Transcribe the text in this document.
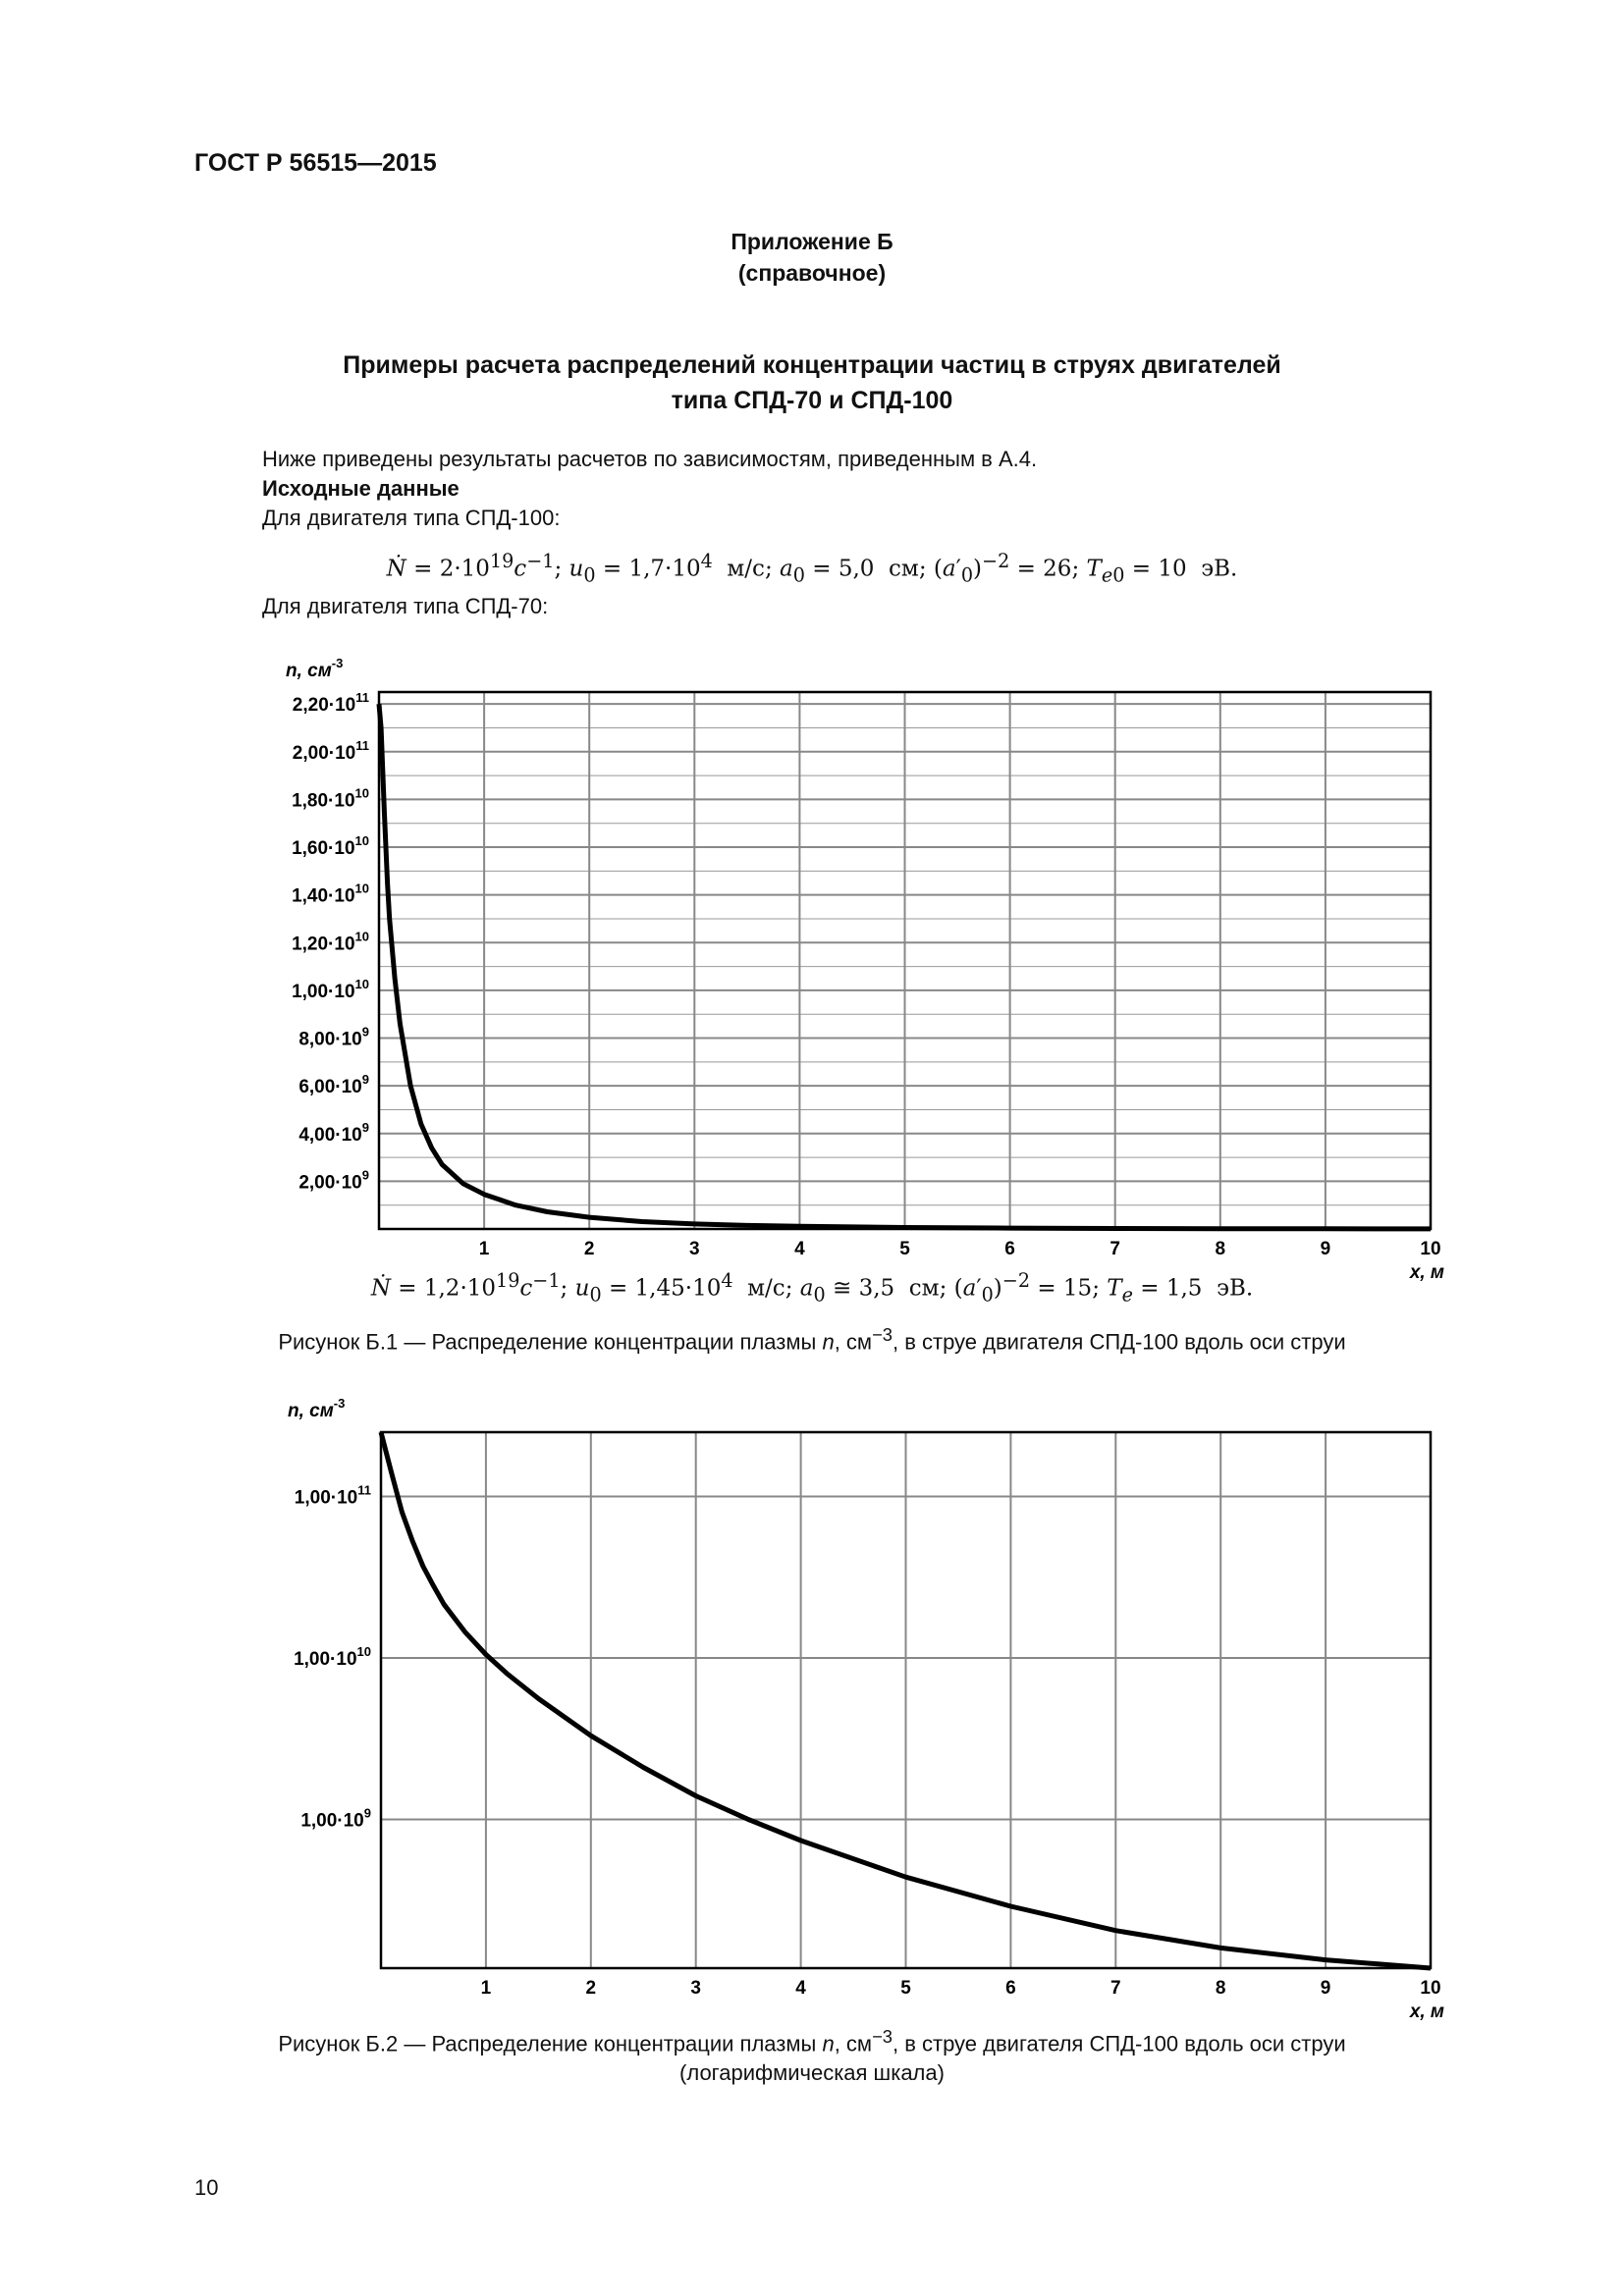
ГОСТ Р 56515—2015
Приложение Б
(справочное)
Примеры расчета распределений концентрации частиц в струях двигателей
типа СПД-70 и СПД-100
Ниже приведены результаты расчетов по зависимостям, приведенным в А.4.
Исходные данные
Для двигателя типа СПД-100:
Ṅ = $2\cdot 10^{19}с^{-1}$; $u_0 = 1,7\cdot 10^4$ м/с; $a_0 = 5,0$ см; $(a'_0)^{-2} = 26$; $T_{e0} = 10$ эВ.
Для двигателя типа СПД-70:
$2,00\cdot 10^9$
$4,00\cdot 10^9$
$6,00\cdot 10^9$
$8,00\cdot 10^9$
$1,00\cdot 10^{10}$
$1,20\cdot 10^{10}$
$1,40\cdot 10^{10}$
$1,60\cdot 10^{10}$
$1,80\cdot 10^{10}$
$2,00\cdot 10^{11}$
$2,20\cdot 10^{11}$
1	2	3	4	5	6	7	8	9	10
n, $см^{-3}$
x, м
Ṅ = $1,2\cdot 10^{19}с^{-1}$; $u_0 = 1,45\cdot 10^4$ м/с; $a_0$ ≅ 3,5 см; $(a'_0)^{-2} = 15$; $T_e = 1,5$ эВ.
Рисунок Б.1 — Распределение концентрации плазмы n, $см^{-3}$, в струе двигателя СПД-100 вдоль оси струи
$1,00\cdot 10^9$
$1,00\cdot 10^{10}$
$1,00\cdot 10^{11}$
1	2	3	4	5	6	7	8	9	10
n, $см^{-3}$
x, м
Рисунок Б.2 — Распределение концентрации плазмы n, $см^{-3}$, в струе двигателя СПД-100 вдоль оси струи
(логарифмическая шкала)
10
